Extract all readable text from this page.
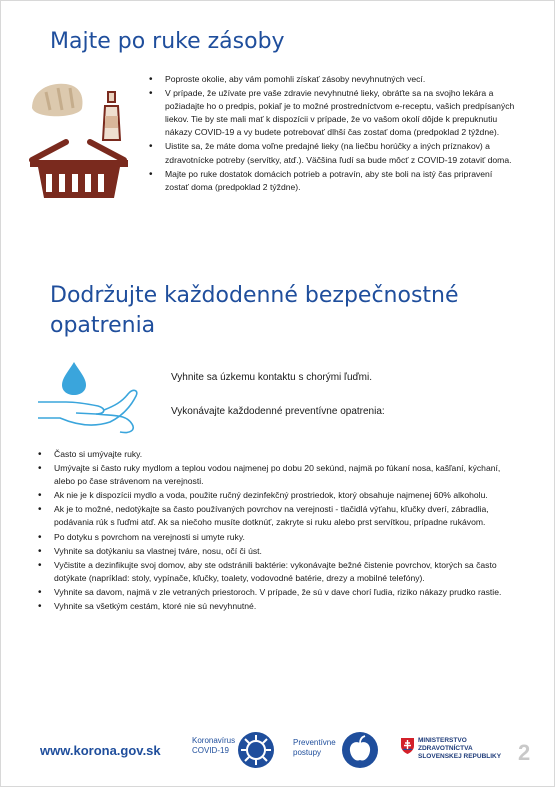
Majte po ruke zásoby
• Poproste okolie, aby vám pomohli získať zásoby nevyhnutných vecí.
• V prípade, že užívate pre vaše zdravie nevyhnutné lieky, obráťte sa na svojho lekára a požiadajte ho o predpis, pokiaľ je to možné prostredníctvom e-receptu, vašich predpísaných liekov. Tie by ste mali mať k dispozícii v prípade, že vo vašom okolí dôjde k prepuknutiu nákazy COVID-19 a vy budete potrebovať dlhší čas zostať doma (predpoklad 2 týždne).
• Uistite sa, že máte doma voľne predajné lieky (na liečbu horúčky a iných príznakov) a zdravotnícke potreby (servítky, atď.). Väčšina ľudí sa bude môcť z COVID-19 zotaviť doma.
• Majte po ruke dostatok domácich potrieb a potravín, aby ste boli na istý čas pripravení zostať doma (predpoklad 2 týždne).
Dodržujte každodenné bezpečnostné opatrenia
Vyhnite sa úzkemu kontaktu s chorými ľuďmi.
Vykonávajte každodenné preventívne opatrenia:
• Často si umývajte ruky.
• Umývajte si často ruky mydlom a teplou vodou najmenej po dobu 20 sekúnd, najmä po fúkaní nosa, kašľaní, kýchaní, alebo po čase strávenom na verejnosti.
• Ak nie je k dispozícii mydlo a voda, použite ručný dezinfekčný prostriedok, ktorý obsahuje najmenej 60% alkoholu.
• Ak je to možné, nedotýkajte sa často používaných povrchov na verejnosti - tlačidlá výťahu, kľučky dverí, zábradlia, podávania rúk s ľuďmi atď. Ak sa niečoho musíte dotknúť, zakryte si ruku alebo prst servítkou, prípadne rukávom.
• Po dotyku s povrchom na verejnosti si umyte ruky.
• Vyhnite sa dotýkaniu sa vlastnej tváre, nosu, očí či úst.
• Vyčistite a dezinfikujte svoj domov, aby ste odstránili baktérie: vykonávajte bežné čistenie povrchov, ktorých sa často dotýkate (napríklad: stoly, vypínače, kľučky, toalety, vodovodné batérie, drezy a mobilné telefóny).
• Vyhnite sa davom, najmä v zle vetraných priestoroch. V prípade, že sú v dave chorí ľudia, riziko nákazy prudko rastie.
• Vyhnite sa všetkým cestám, ktoré nie sú nevyhnutné.
www.korona.gov.sk
Koronavírus
COVID-19
Preventívne
postupy
MINISTERSTVO
ZDRAVOTNÍCTVA
SLOVENSKEJ REPUBLIKY 2
